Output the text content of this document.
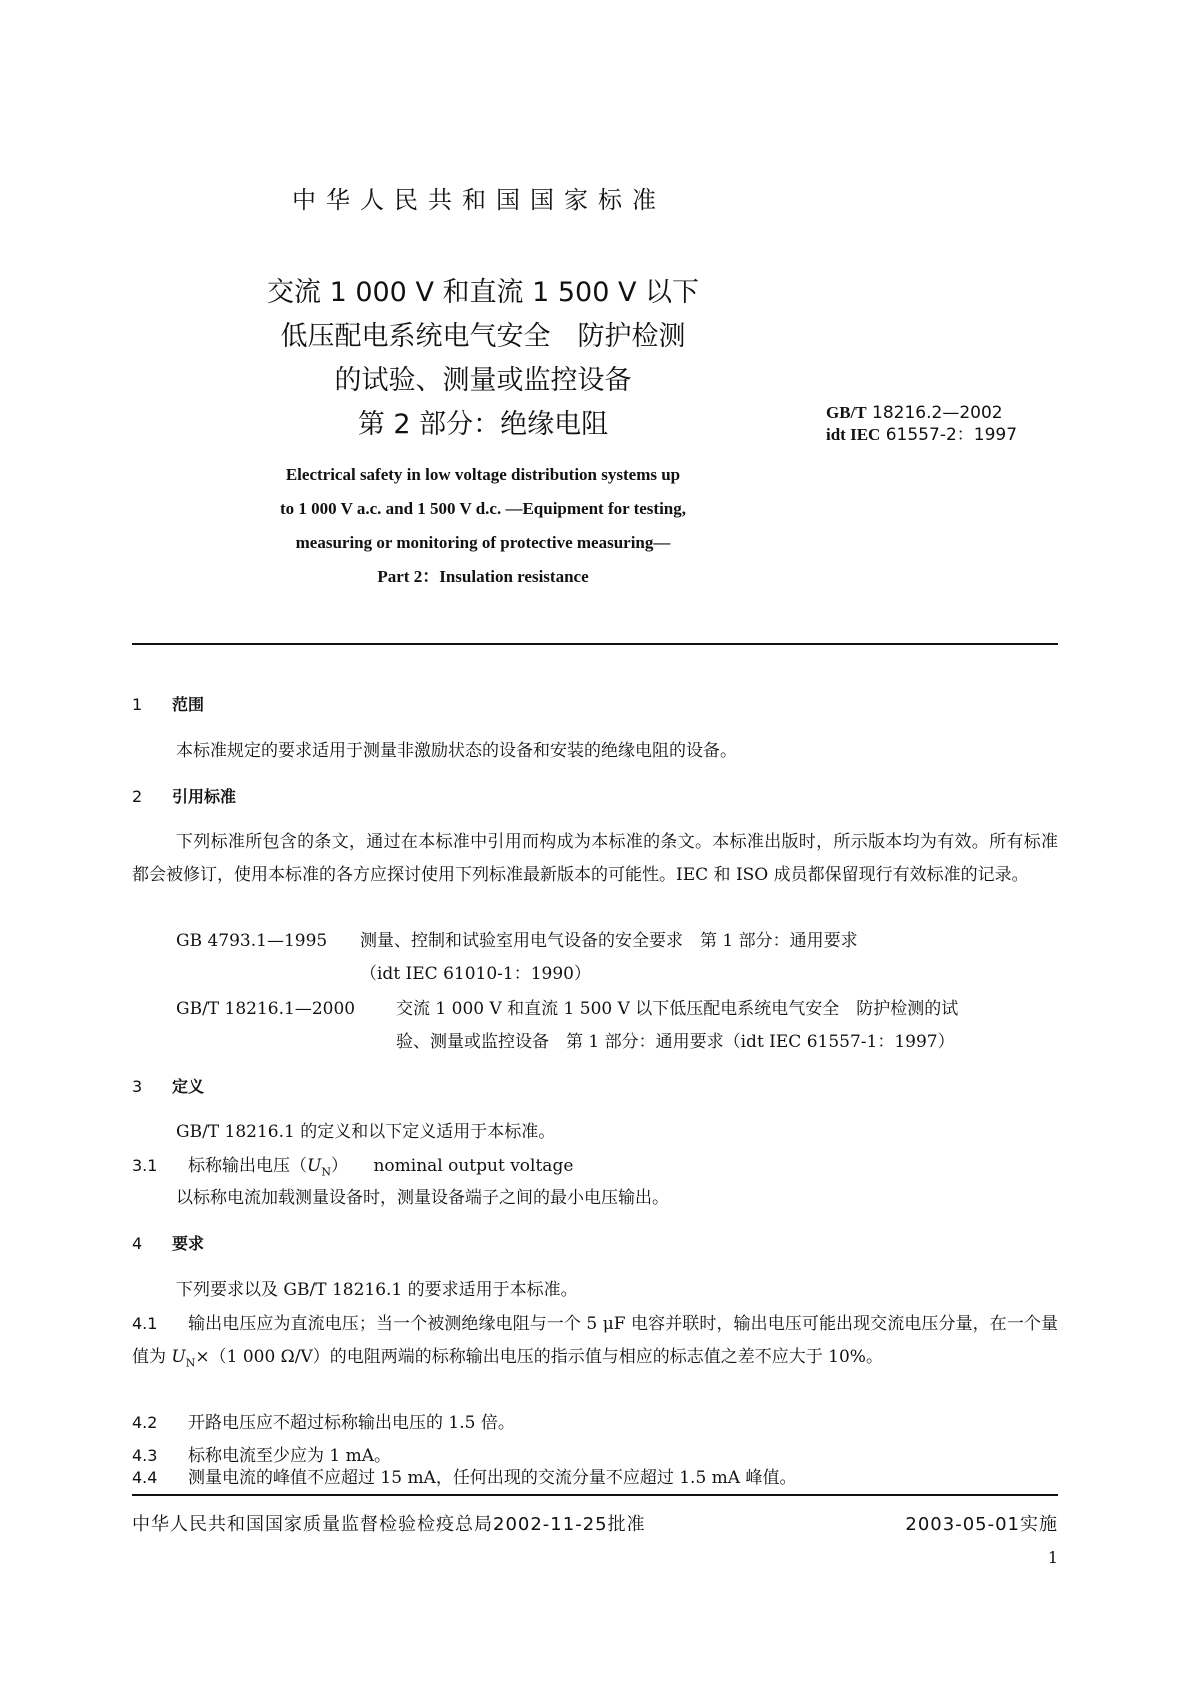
中华人民共和国国家标准
交流 1 000 V 和直流 1 500 V 以下
低压配电系统电气安全　防护检测
的试验、测量或监控设备
第 2 部分：绝缘电阻	GB/T 18216.2—2002
idt IEC 61557-2：1997
Electrical safety in low voltage distribution systems up
to 1 000 V a.c. and 1 500 V d.c. —Equipment for testing,
measuring or monitoring of protective measuring—
Part 2：Insulation resistance
1 范围
本标准规定的要求适用于测量非激励状态的设备和安装的绝缘电阻的设备。
2 引用标准
下列标准所包含的条文，通过在本标准中引用而构成为本标准的条文。本标准出版时，所示版本均为有效。所有标准都会被修订，使用本标准的各方应探讨使用下列标准最新版本的可能性。IEC 和 ISO 成员都保留现行有效标准的记录。
GB 4793.1—1995 测量、控制和试验室用电气设备的安全要求　第 1 部分：通用要求
（idt IEC 61010-1：1990）
GB/T 18216.1—2000 交流 1 000 V 和直流 1 500 V 以下低压配电系统电气安全　防护检测的试
验、测量或监控设备　第 1 部分：通用要求（idt IEC 61557-1：1997）
3 定义
GB/T 18216.1 的定义和以下定义适用于本标准。
3.1 标称输出电压$(U_N)$　　 nominal output voltage
以标称电流加载测量设备时，测量设备端子之间的最小电压输出。
4 要求
下列要求以及 GB/T 18216.1 的要求适用于本标准。
4.1 输出电压应为直流电压；当一个被测绝缘电阻与一个 5 μF 电容并联时，输出电压可能出现交流电压分量，在一个量值为 $U_N\times(1$ 000 Ω/V）的电阻两端的标称输出电压的指示值与相应的标志值之差不应大于 10%。
4.2 开路电压应不超过标称输出电压的 1.5 倍。
4.3 标称电流至少应为 1 mA。
4.4 测量电流的峰值不应超过 15 mA，任何出现的交流分量不应超过 1.5 mA 峰值。
中华人民共和国国家质量监督检验检疫总局2002-11-25批准	2003-05-01实施
1
